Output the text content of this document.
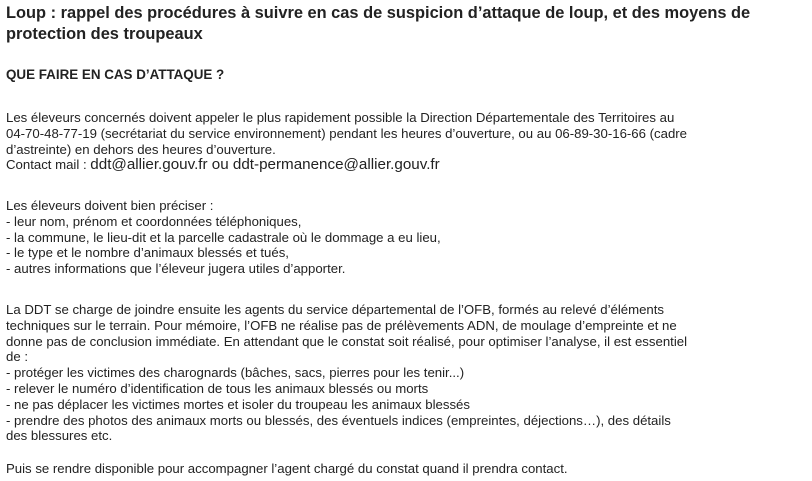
Loup : rappel des procédures à suivre en cas de suspicion d’attaque de loup, et des moyens de protection des troupeaux
QUE FAIRE EN CAS D’ATTAQUE ?
Les éleveurs concernés doivent appeler le plus rapidement possible la Direction Départementale des Territoires au
04-70-48-77-19 (secrétariat du service environnement) pendant les heures d’ouverture, ou au 06-89-30-16-66 (cadre
d’astreinte) en dehors des heures d’ouverture.
Contact mail : ddt@allier.gouv.fr ou ddt-permanence@allier.gouv.fr
Les éleveurs doivent bien préciser :
- leur nom, prénom et coordonnées téléphoniques,
- la commune, le lieu-dit et la parcelle cadastrale où le dommage a eu lieu,
- le type et le nombre d’animaux blessés et tués,
- autres informations que l’éleveur jugera utiles d’apporter.
La DDT se charge de joindre ensuite les agents du service départemental de l’OFB, formés au relevé d’éléments
techniques sur le terrain. Pour mémoire, l’OFB ne réalise pas de prélèvements ADN, de moulage d’empreinte et ne
donne pas de conclusion immédiate. En attendant que le constat soit réalisé, pour optimiser l’analyse, il est essentiel
de :
- protéger les victimes des charognards (bâches, sacs, pierres pour les tenir...)
- relever le numéro d’identification de tous les animaux blessés ou morts
- ne pas déplacer les victimes mortes et isoler du troupeau les animaux blessés
- prendre des photos des animaux morts ou blessés, des éventuels indices (empreintes, déjections…), des détails
des blessures etc.
Puis se rendre disponible pour accompagner l’agent chargé du constat quand il prendra contact.
